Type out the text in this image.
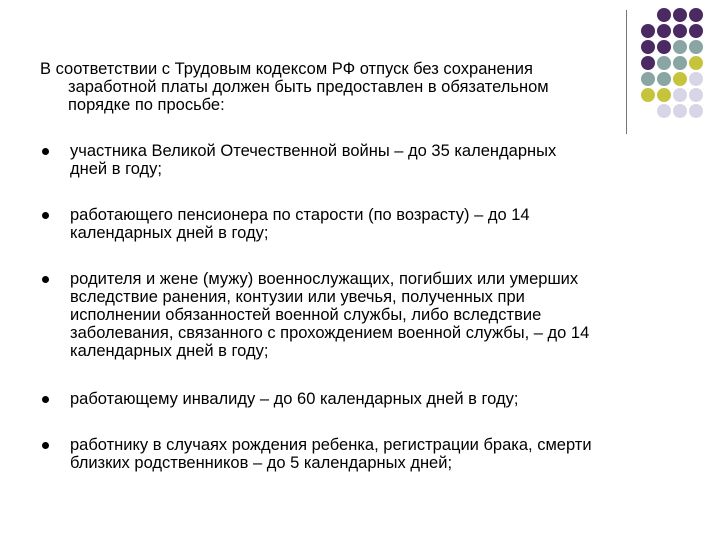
В соответствии с Трудовым кодексом РФ отпуск без сохранения
заработной платы должен быть предоставлен в обязательном
порядке по просьбе:
участника Великой Отечественной войны – до 35 календарных
дней в году;
работающего пенсионера по старости (по возрасту) – до 14
календарных дней в году;
родителя и жене (мужу) военнослужащих, погибших или умерших
вследствие ранения, контузии или увечья, полученных при
исполнении обязанностей военной службы, либо вследствие
заболевания, связанного с прохождением военной службы, – до 14
календарных дней в году;
работающему инвалиду – до 60 календарных дней в году;
работнику в случаях рождения ребенка, регистрации брака, смерти
близких родственников – до 5 календарных дней;
